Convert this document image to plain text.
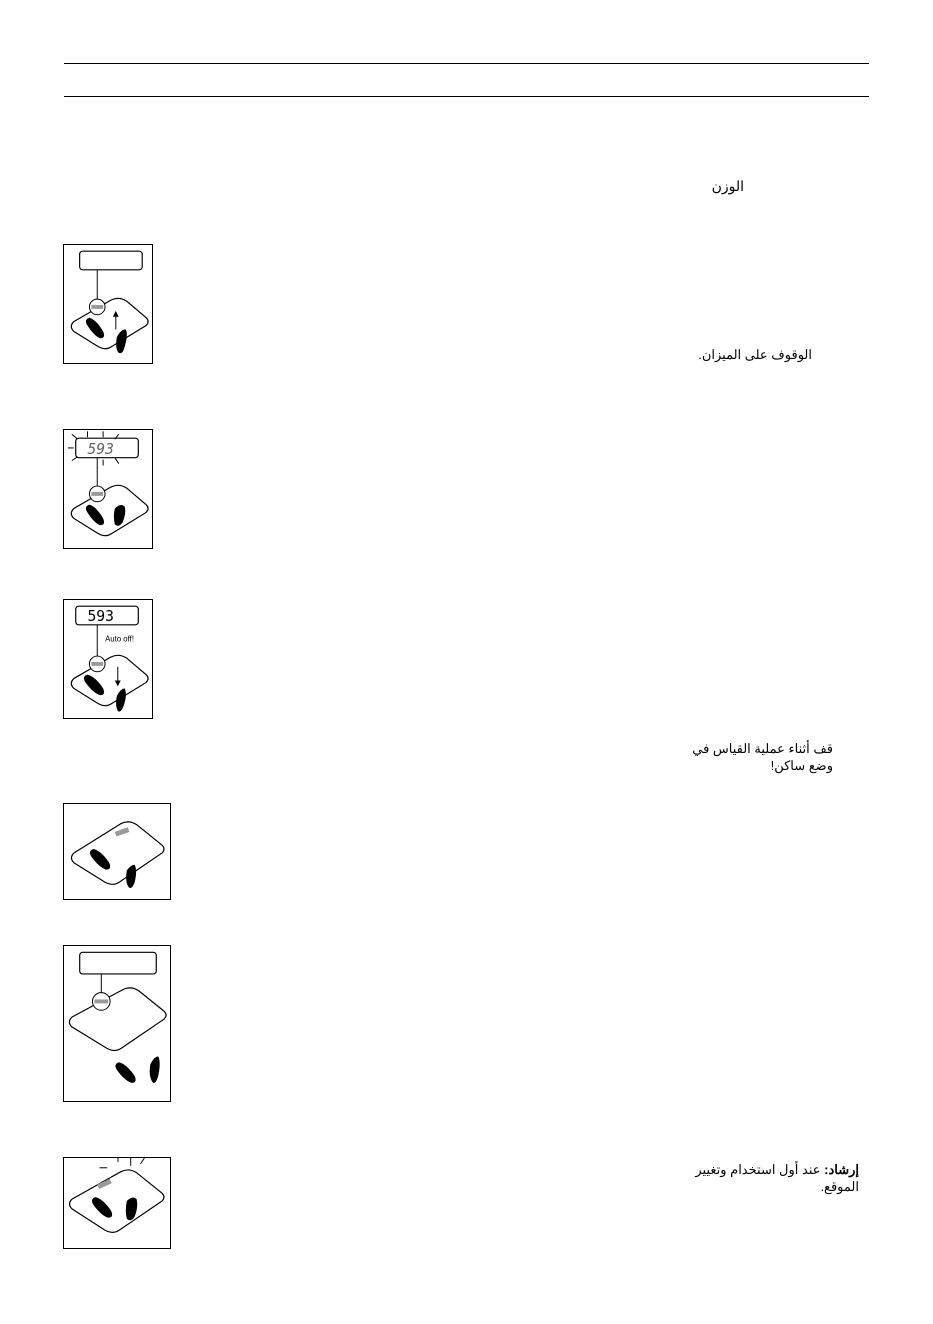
الوزن
الوقوف على الميزان.
قف أثناء عملية القياس في
وضع ساكن!
إرشاد: عند أول استخدام وتغيير
الموقع.
593
593
Auto off!
